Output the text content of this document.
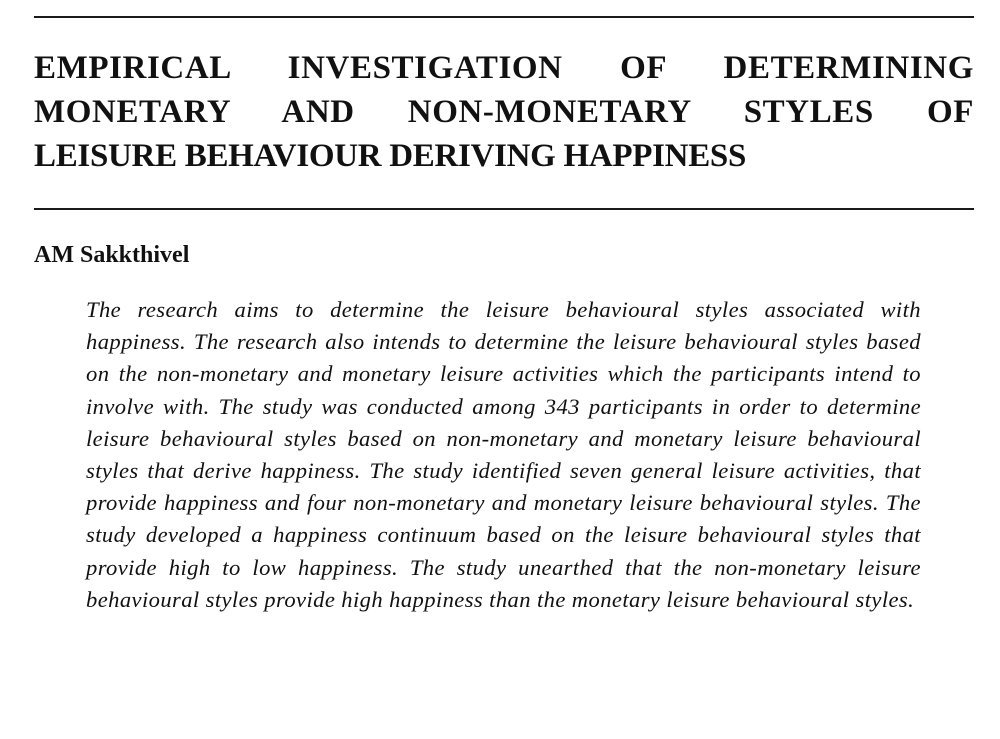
EMPIRICAL INVESTIGATION OF DETERMINING
MONETARY AND NON-MONETARY STYLES OF
LEISURE BEHAVIOUR DERIVING HAPPINESS

AM Sakkthivel

The research aims to determine the leisure behavioural styles associated with happiness. The research also intends to determine the leisure behavioural styles based on the non-monetary and monetary leisure activities which the participants intend to involve with. The study was conducted among 343 participants in order to determine leisure behavioural styles based on non-monetary and monetary leisure behavioural styles that derive happiness. The study identified seven general leisure activities, that provide happiness and four non-monetary and monetary leisure behavioural styles. The study developed a happiness continuum based on the leisure behavioural styles that provide high to low happiness. The study unearthed that the non-monetary leisure behavioural styles provide high happiness than the monetary leisure behavioural styles.
